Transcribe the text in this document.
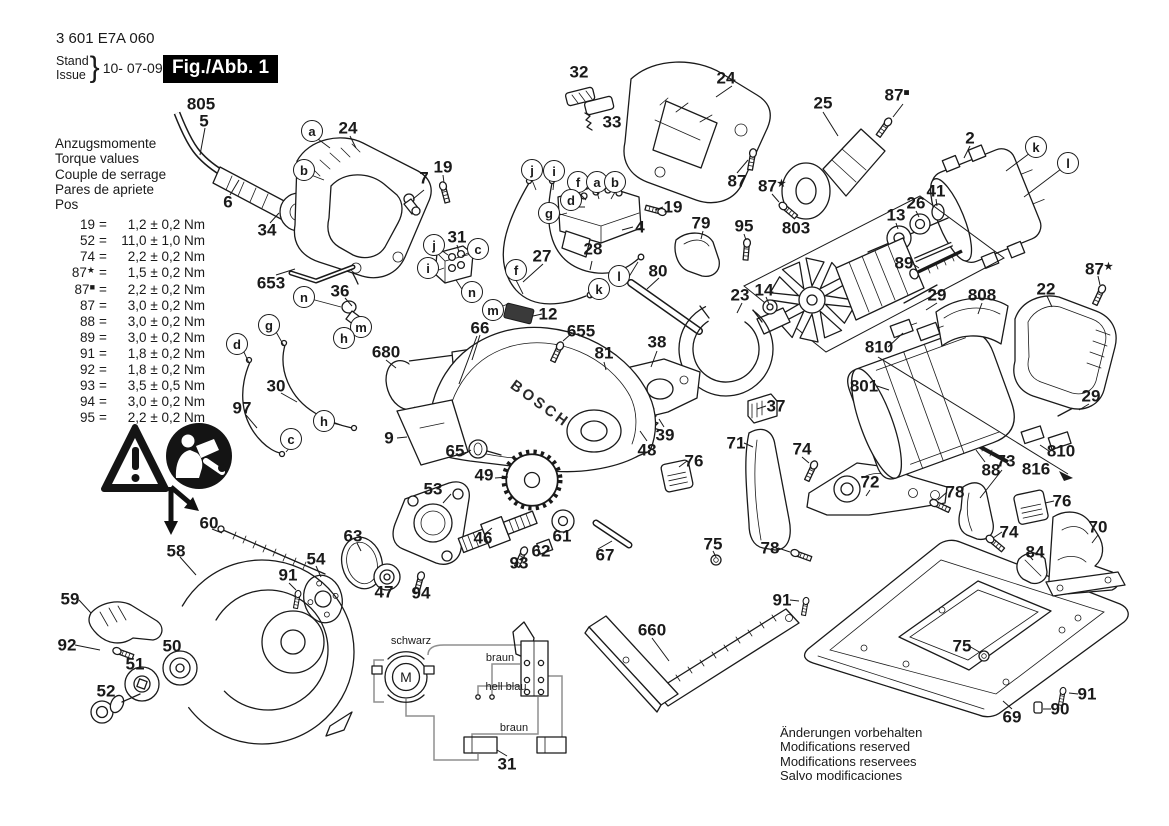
3 601 E7A 060
Stand
Issue } 10- 07-09 Fig./Abb. 1
Anzugsmomente
Torque values
Couple de serrage
Pares de apriete
Pos
19 =	1,2 ± 0,2 Nm
52 =	11,0 ± 1,0 Nm
74 =	2,2 ± 0,2 Nm
87★ =	1,5 ± 0,2 Nm
87■ =	2,2 ± 0,2 Nm
87 =	3,0 ± 0,2 Nm
88 =	3,0 ± 0,2 Nm
89 =	3,0 ± 0,2 Nm
91 =	1,8 ± 0,2 Nm
92 =	1,8 ± 0,2 Nm
93 =	3,5 ± 0,5 Nm
94 =	3,0 ± 0,2 Nm
95 =	2,2 ± 0,2 Nm
Änderungen vorbehalten
Modifications reserved
Modifications reservees
Salvo modificaciones
BOSCH
M
805
5
6
34
24
653
7
19
31
36
27 28
12
655
66
680
30
97
9
65
49
53
46
63
62
61
93	67
94
47
91
54
58
60
59
92	50
51
52
32
33
24
25
87 87★
87■
2
41
26
13
803
79 95
80
23 14
89
29 808 22
87★
810
801
29
810
816
38
81
37
39
48	71	74
76
72
73
88
78	76
74
84
70
75 78
660
91
75
69 90
91
31
4
19
a
b	j	i
f	a b
d
g
j
i
c
n
m
f
k
l
n
m
h
g
d
h
c
k
l
schwarz
braun
hell blau
braun
